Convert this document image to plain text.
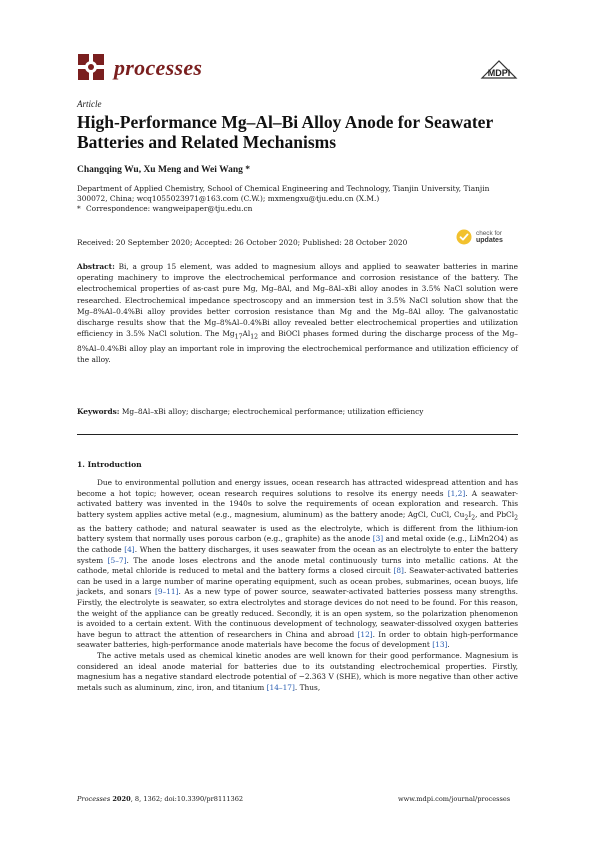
processes	MDPI
Article
High-Performance Mg–Al–Bi Alloy Anode for Seawater Batteries and Related Mechanisms
Changqing Wu, Xu Meng and Wei Wang *
Department of Applied Chemistry, School of Chemical Engineering and Technology, Tianjin University, Tianjin 300072, China; wcq1055023971@163.com (C.W.); mxmengxu@tju.edu.cn (X.M.)
* Correspondence: wangweipaper@tju.edu.cn
Received: 20 September 2020; Accepted: 26 October 2020; Published: 28 October 2020
check for
updates

Abstract: Bi, a group 15 element, was added to magnesium alloys and applied to seawater batteries in marine operating machinery to improve the electrochemical performance and corrosion resistance of the battery. The electrochemical properties of as-cast pure Mg, Mg–8Al, and Mg–8Al–xBi alloy anodes in 3.5% NaCl solution were researched. Electrochemical impedance spectroscopy and an immersion test in 3.5% NaCl solution show that the Mg–8%Al–0.4%Bi alloy provides better corrosion resistance than Mg and the Mg–8Al alloy. The galvanostatic discharge results show that the Mg–8%Al–0.4%Bi alloy revealed better electrochemical properties and utilization efficiency in 3.5% NaCl solution. The $Mg_{17}Al_{12}$ and BiOCl phases formed during the discharge process of the Mg–8%Al–0.4%Bi alloy play an important role in improving the electrochemical performance and utilization efficiency of the alloy.

Keywords: Mg–8Al–xBi alloy; discharge; electrochemical performance; utilization efficiency
1. Introduction

Due to environmental pollution and energy issues, ocean research has attracted widespread attention and has become a hot topic; however, ocean research requires solutions to resolve its energy needs [1,2]. A seawater-activated battery was invented in the 1940s to solve the requirements of ocean exploration and research. This battery system applies active metal (e.g., magnesium, aluminum) as the battery anode; AgCl, CuCl, $Cu_2I_2$, and PbCl$_2$ as the battery cathode; and natural seawater is used as the electrolyte, which is different from the lithium-ion battery system that normally uses porous carbon (e.g., graphite) as the anode [3] and metal oxide (e.g., LiMn2O4) as the cathode [4]. When the battery discharges, it uses seawater from the ocean as an electrolyte to enter the battery system [5–7]. The anode loses electrons and the anode metal continuously turns into metallic cations. At the cathode, metal chloride is reduced to metal and the battery forms a closed circuit [8]. Seawater-activated batteries can be used in a large number of marine operating equipment, such as ocean probes, submarines, ocean buoys, life jackets, and sonars [9–11]. As a new type of power source, seawater-activated batteries possess many strengths. Firstly, the electrolyte is seawater, so extra electrolytes and storage devices do not need to be found. For this reason, the weight of the appliance can be greatly reduced. Secondly, it is an open system, so the polarization phenomenon is avoided to a certain extent. With the continuous development of technology, seawater-dissolved oxygen batteries have begun to attract the attention of researchers in China and abroad [12]. In order to obtain high-performance seawater batteries, high-performance anode materials have become the focus of development [13].

The active metals used as chemical kinetic anodes are well known for their good performance. Magnesium is considered an ideal anode material for batteries due to its outstanding electrochemical properties. Firstly, magnesium has a negative standard electrode potential of −2.363 V (SHE), which is more negative than other active metals such as aluminum, zinc, iron, and titanium [14–17]. Thus,

Processes 2020, 8, 1362; doi:10.3390/pr8111362	www.mdpi.com/journal/processes
